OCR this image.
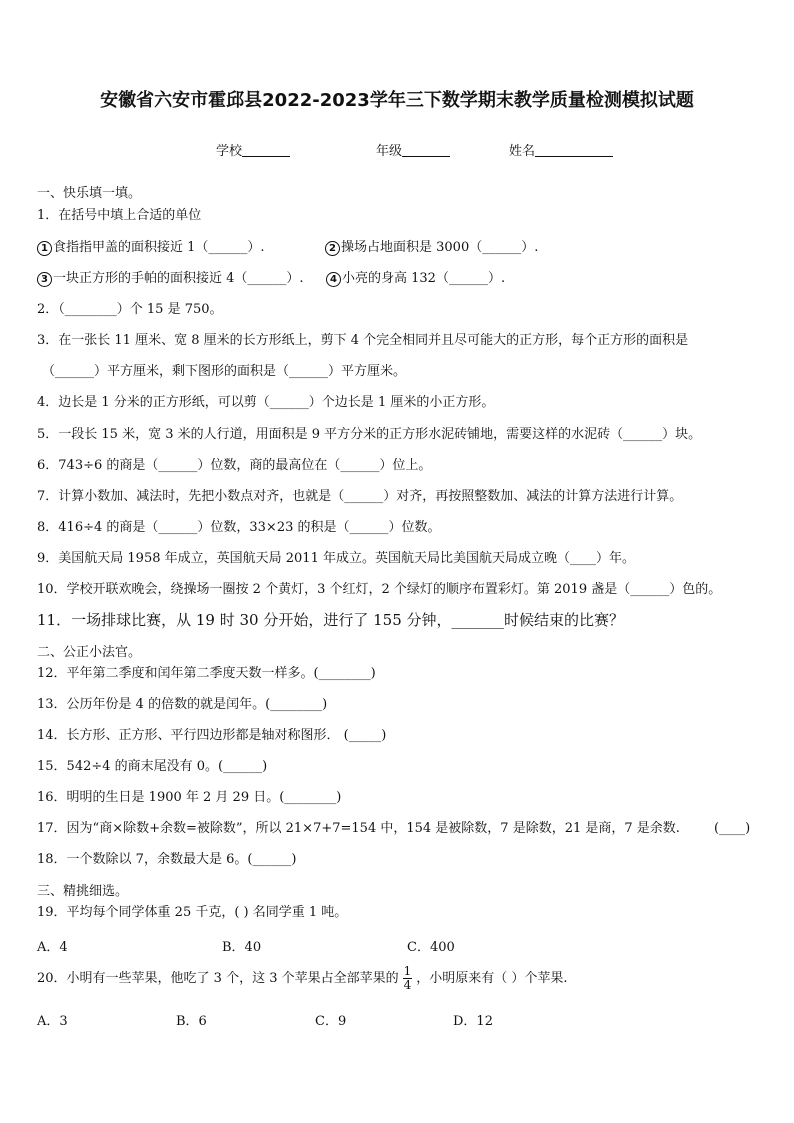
安徽省六安市霍邱县2022-2023学年三下数学期末教学质量检测模拟试题
学校	年级	姓名
一、快乐填一填。
1．在括号中填上合适的单位
1 食指指甲盖的面积接近 1（______）.	2 操场占地面积是 3000（______）.
3 一块正方形的手帕的面积接近 4（______）.	4 小亮的身高 132（______）.
2．（________）个 15 是 750。
3．在一张长 11 厘米、宽 8 厘米的长方形纸上，剪下 4 个完全相同并且尽可能大的正方形，每个正方形的面积是
（______）平方厘米，剩下图形的面积是（______）平方厘米。
4．边长是 1 分米的正方形纸，可以剪（______）个边长是 1 厘米的小正方形。
5．一段长 15 米，宽 3 米的人行道，用面积是 9 平方分米的正方形水泥砖铺地，需要这样的水泥砖（______）块。
6．743÷6 的商是（______）位数，商的最高位在（______）位上。
7．计算小数加、减法时，先把小数点对齐，也就是（______）对齐，再按照整数加、减法的计算方法进行计算。
8．416÷4 的商是（______）位数，33×23 的积是（______）位数。
9．美国航天局 1958 年成立，英国航天局 2011 年成立。英国航天局比美国航天局成立晚（____）年。
10．学校开联欢晚会，绕操场一圈按 2 个黄灯，3 个红灯，2 个绿灯的顺序布置彩灯。第 2019 盏是（______）色的。
11．一场排球比赛，从 19 时 30 分开始，进行了 155 分钟，_______时候结束的比赛？
二、公正小法官。
12．平年第二季度和闰年第二季度天数一样多。(________)
13．公历年份是 4 的倍数的就是闰年。(________)
14．长方形、正方形、平行四边形都是轴对称图形． (_____)
15．542÷4 的商末尾没有 0。(______)
16．明明的生日是 1900 年 2 月 29 日。(________)
17．因为“商×除数+余数=被除数”，所以 21×7+7=154 中，154 是被除数，7 是除数，21 是商，7 是余数.	(____)
18．一个数除以 7，余数最大是 6。(______)
三、精挑细选。
19．平均每个同学体重 25 千克，( ) 名同学重 1 吨。
A．4	B．40	C．400
20．小明有一些苹果，他吃了 3 个，这 3 个苹果占全部苹果的 $\frac{1}{4}$ ，小明原来有（ ）个苹果.
A．3	B．6	C．9	D．12
